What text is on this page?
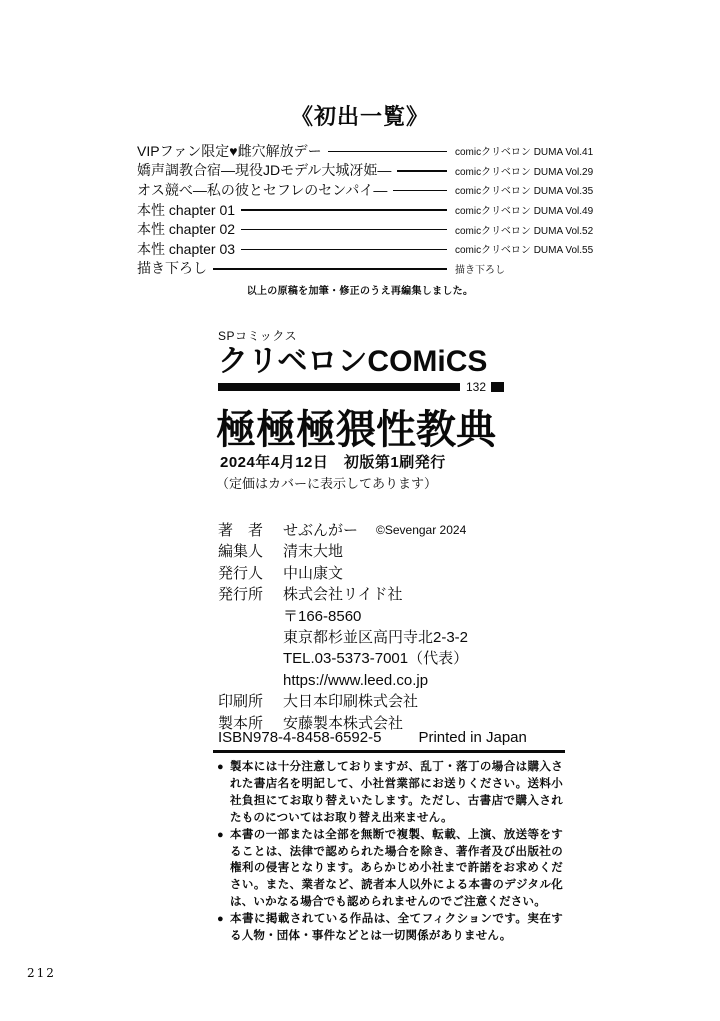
《初出一覧》
VIPファン限定♥雌穴解放デー	comicクリベロン DUMA Vol.41
嬌声調教合宿―現役JDモデル大城冴姫―	comicクリベロン DUMA Vol.29
オス競べ―私の彼とセフレのセンパイ―	comicクリベロン DUMA Vol.35
本性 chapter 01	comicクリベロン DUMA Vol.49
本性 chapter 02	comicクリベロン DUMA Vol.52
本性 chapter 03	comicクリベロン DUMA Vol.55
描き下ろし	描き下ろし
以上の原稿を加筆・修正のうえ再編集しました。
SPコミックス
クリベロンCOMiCS
132
極極極猥性教典
2024年4月12日　初版第1刷発行
（定価はカバーに表示してあります）
著　者 せぶんがー ©Sevengar 2024
編集人 清末大地
発行人 中山康文
発行所 株式会社リイド社
〒166-8560
東京都杉並区高円寺北2-3-2
TEL.03-5373-7001（代表）
https://www.leed.co.jp
印刷所 大日本印刷株式会社
製本所 安藤製本株式会社
ISBN978-4-8458-6592-5 Printed in Japan
● 製本には十分注意しておりますが、乱丁・落丁の場合は購入された書店名を明記して、小社営業部にお送りください。送料小社負担にてお取り替えいたします。ただし、古書店で購入されたものについてはお取り替え出来ません。

● 本書の一部または全部を無断で複製、転載、上演、放送等をすることは、法律で認められた場合を除き、著作者及び出版社の権利の侵害となります。あらかじめ小社まで許諾をお求めください。また、業者など、読者本人以外による本書のデジタル化は、いかなる場合でも認められませんのでご注意ください。

● 本書に掲載されている作品は、全てフィクションです。実在する人物・団体・事件などとは一切関係がありません。

212
